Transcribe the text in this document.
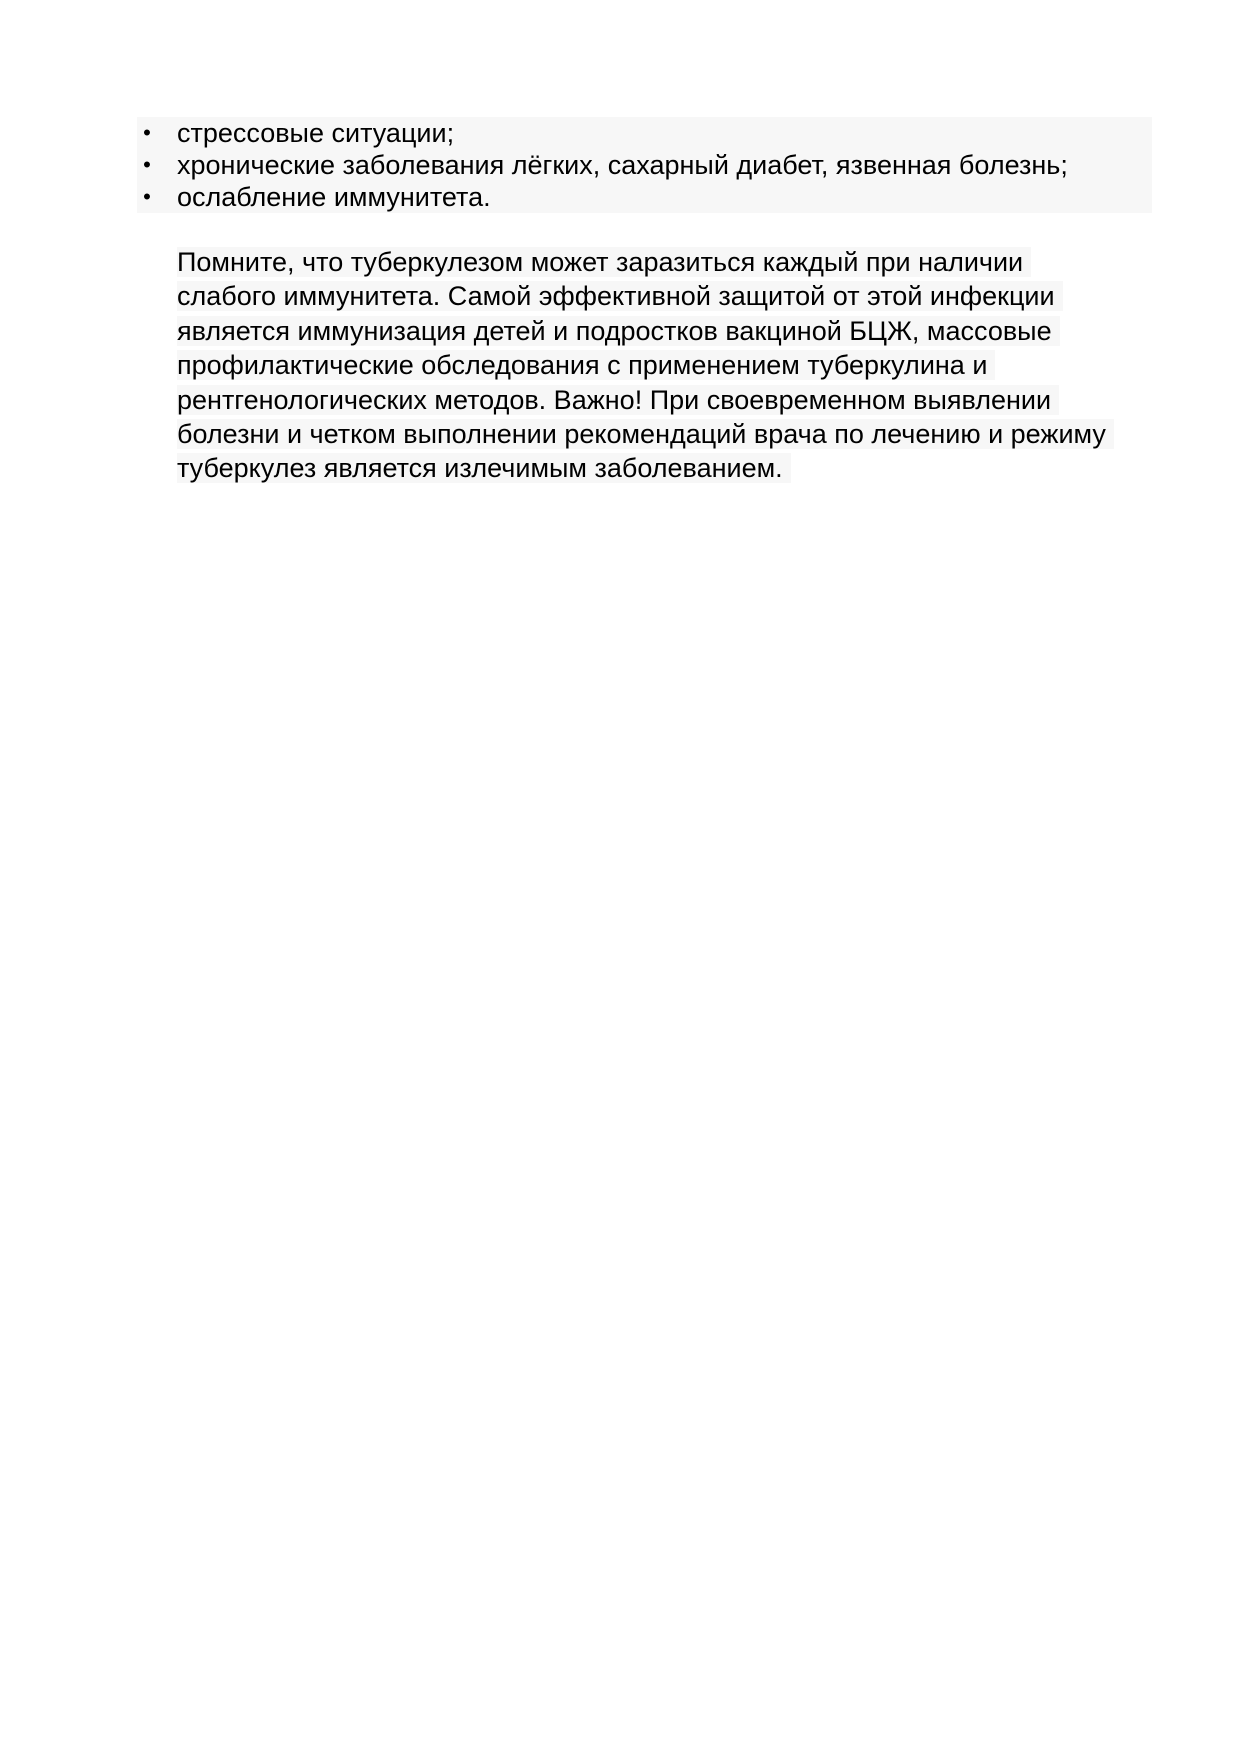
• стрессовые ситуации;
• хронические заболевания лёгких, сахарный диабет, язвенная болезнь;
• ослабление иммунитета.
Помните, что туберкулезом может заразиться каждый при наличии
слабого иммунитета. Самой эффективной защитой от этой инфекции
является иммунизация детей и подростков вакциной БЦЖ, массовые
профилактические обследования с применением туберкулина и
рентгенологических методов. Важно! При своевременном выявлении
болезни и четком выполнении рекомендаций врача по лечению и режиму
туберкулез является излечимым заболеванием.
